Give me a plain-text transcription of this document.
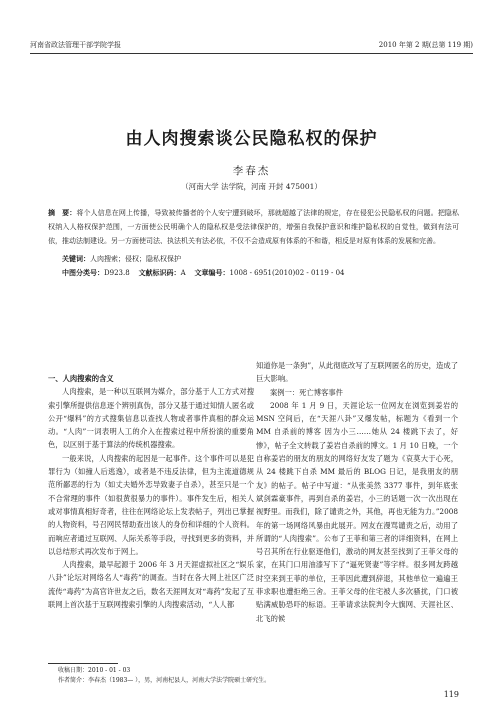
河南省政法管理干部学院学报	2010 年第 2 期(总第 119 期)
由人肉搜索谈公民隐私权的保护
李春杰
（河南大学 法学院，河南 开封 475001）
摘　要：将个人信息在网上传播，导致被传播者的个人安宁遭到破坏，那就超越了法律的规定，存在侵犯公民隐私权的问题。把隐私权纳入人格权保护范围，一方面使公民明确个人的隐私权是受法律保护的，增强自我保护意识和维护隐私权的自觉性，做到有法可依，推动法制建设。另一方面使司法、执法机关有法必依，不仅不会造成原有体系的不和谐，相反是对原有体系的发展和完善。
关键词：人肉搜索；侵权；隐私权保护
中图分类号：D923.8 文献标识码：A 文章编号：1008 - 6951(2010)02 - 0119 - 04
一、人肉搜索的含义

人肉搜索，是一种以互联网为媒介，部分基于人工方式对搜索引擎所提供信息逐个辨别真伪，部分又基于通过知情人匿名或公开“爆料”的方式搜集信息以查找人物或者事件真相的群众运动。“人肉”一词表明人工的介入在搜索过程中所扮演的重要角色，以区别于基于算法的传统机器搜索。

一般来说，人肉搜索的起因是一起事件。这个事件可以是犯罪行为（如撞人后逃逸），或者是不违反法律，但为主流道德规范所鄙恶的行为（如丈夫婚外恋导致妻子自杀），甚至只是一个不合常理的事件（如很黄很暴力的事件）。事件发生后，相关人或对事情真相好奇者，往往在网络论坛上发表帖子，列出已掌握的人物资料，号召网民帮助查出该人的身份和详细的个人资料。而响应者通过互联网、人际关系等手段，寻找到更多的资料，并以总结形式再次发布于网上。

人肉搜索，最早起源于 2006 年 3 月天涯虚拟社区之“娱乐八卦”论坛对网络名人“毒药”的调查。当时在各大网上社区广泛流传“毒药”为高官许世友之后，数名天涯网友对“毒药”发起了互联网上首次基于互联网搜索引擎的人肉搜索活动，“人人都

知道你是一条狗”，从此彻底改写了互联网匿名的历史，造成了巨大影响。

案例一：死亡博客事件

2008 年 1 月 9 日，天涯论坛一位网友在浏览到姜岩的 MSN 空间后，在“天涯八卦”又爆发帖，标题为《看到一个 MM 自杀前的博客 因为小三……她从 24 楼跳下去了，好惨》，帖子全文转载了姜岩自杀前的博文。1 月 10 日晚，一个自称姜岩的朋友的朋友的网络好友发了题为《哀莫大于心死，从 24 楼跳下自杀 MM 最后的 BLOG 日记，是我朋友的朋友》的帖子。帖子中写道：“从张美然 3377 事件，到年底张斌剑霖豪事件，再到自杀的姜岩，小三的话题一次一次出现在视野里。而我们，除了谴责之外，其他，再也无能为力。”2008 年的第一场网络风暴由此展开。网友在漫骂谴责之后，动用了所谓的“人肉搜索”。公布了王菲和第三者的详细资料，在网上号召其所在行业驱逐他们，激动的网友甚至找到了王菲父母的家，在其门口用油漆写下了“逼死贤妻”等字样。很多网友跨越时空来到王菲的单位，王菲因此遭到辞退，其他单位一遍遍王菲求职也遭拒绝三舍。王菲父母的住宅被人多次骚扰，门口被贴满威胁恐吓的标语。王菲请求法院判令大旗网、天涯社区、北飞的候

收稿日期：2010 - 01 - 03
作者简介：李春杰（1983— ），男，河南杞县人，河南大学法学院硕士研究生。
119
